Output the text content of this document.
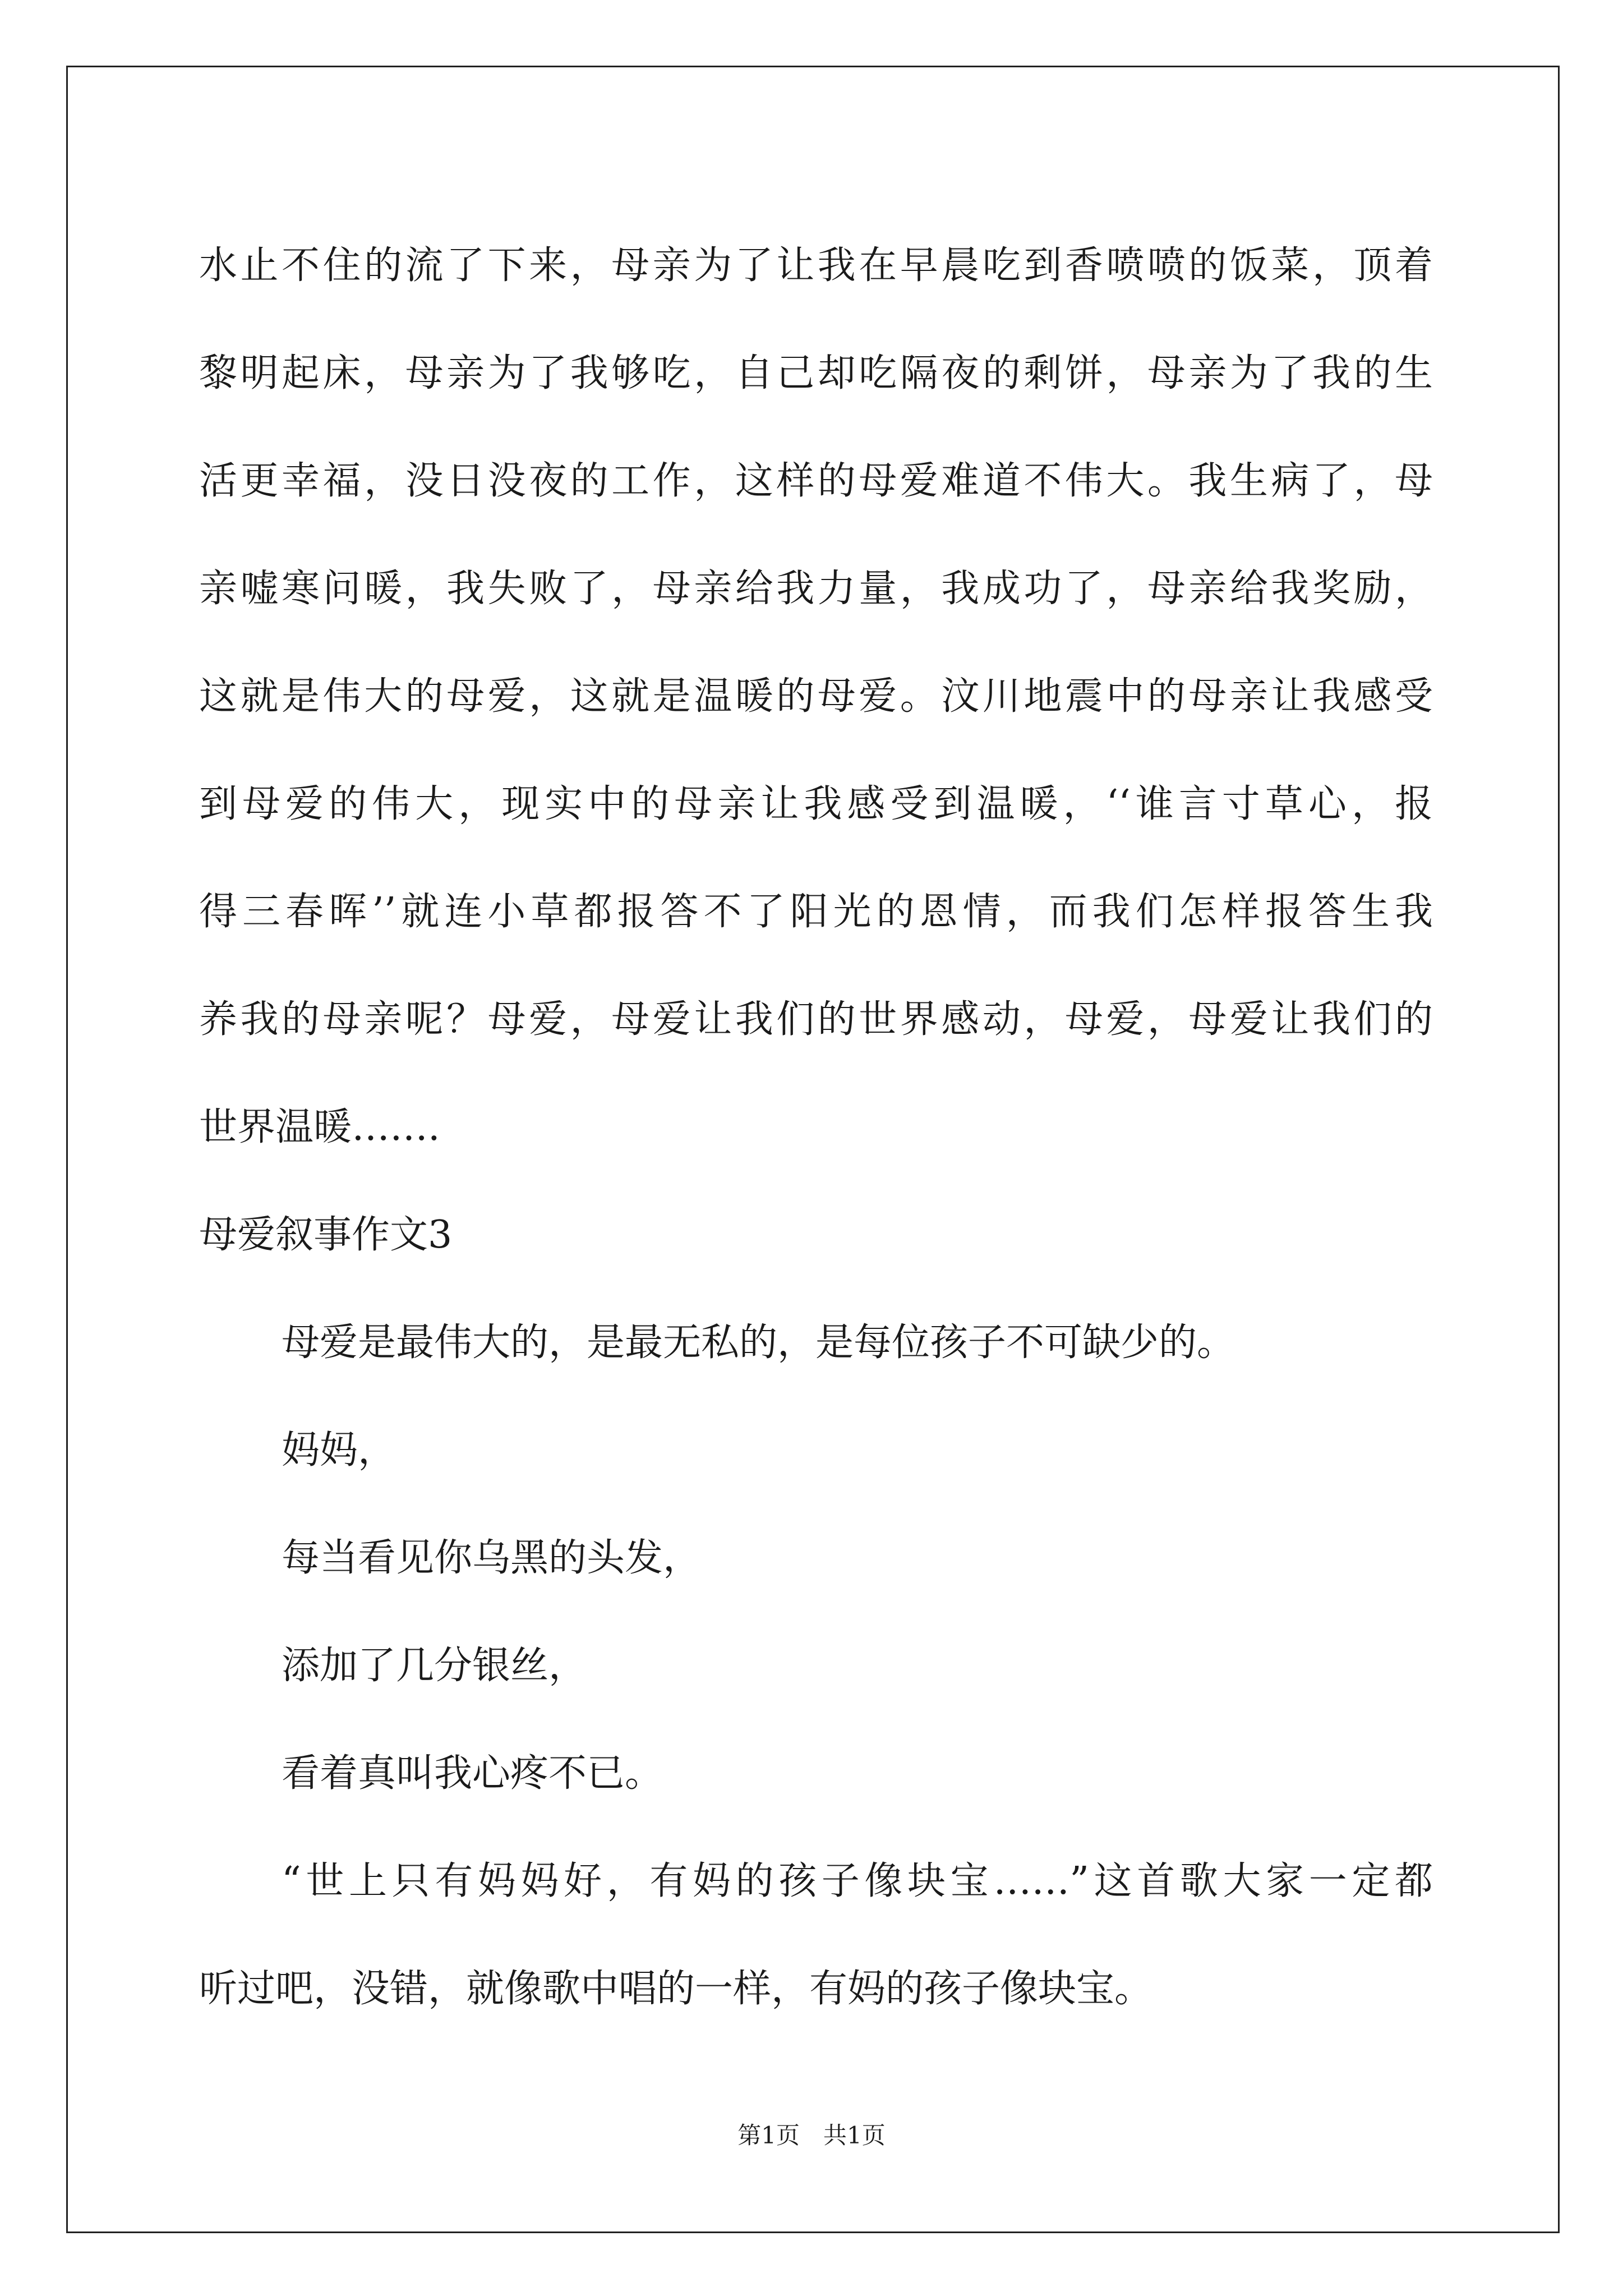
水止不住的流了下来，母亲为了让我在早晨吃到香喷喷的饭菜，顶着
黎明起床，母亲为了我够吃，自己却吃隔夜的剩饼，母亲为了我的生
活更幸福，没日没夜的工作，这样的母爱难道不伟大。我生病了，母
亲嘘寒问暖，我失败了，母亲给我力量，我成功了，母亲给我奖励，
这就是伟大的母爱，这就是温暖的母爱。汶川地震中的母亲让我感受
到母爱的伟大，现实中的母亲让我感受到温暖，‘‘谁言寸草心，报
得三春晖’’就连小草都报答不了阳光的恩情，而我们怎样报答生我
养我的母亲呢？母爱，母爱让我们的世界感动，母爱，母爱让我们的
世界温暖…….
母爱叙事作文3
母爱是最伟大的，是最无私的，是每位孩子不可缺少的。
妈妈，
每当看见你乌黑的头发，
添加了几分银丝，
看着真叫我心疼不已。
“世上只有妈妈好，有妈的孩子像块宝……”这首歌大家一定都
听过吧，没错，就像歌中唱的一样，有妈的孩子像块宝。
第1页 共1页
